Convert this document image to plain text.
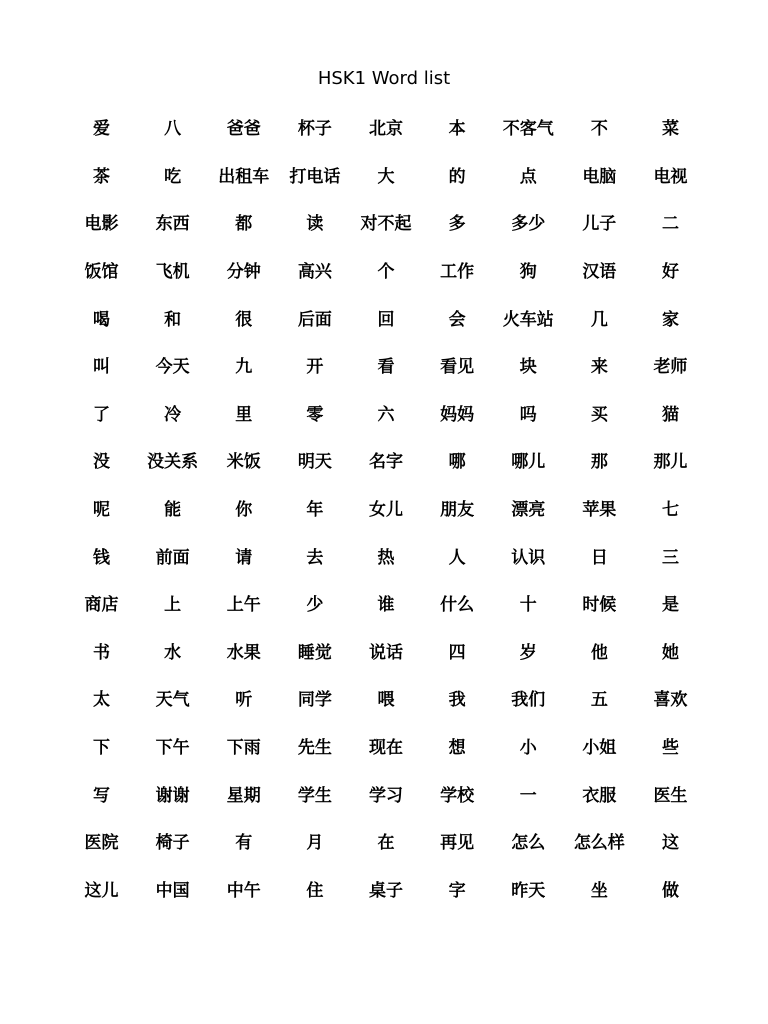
HSK1 Word list
爱	八	爸爸	杯子	北京	本	不客气	不	菜
茶	吃	出租车	打电话	大	的	点	电脑	电视
电影	东西	都	读	对不起	多	多少	儿子	二
饭馆	飞机	分钟	高兴	个	工作	狗	汉语	好
喝	和	很	后面	回	会	火车站	几	家
叫	今天	九	开	看	看见	块	来	老师
了	冷	里	零	六	妈妈	吗	买	猫
没	没关系	米饭	明天	名字	哪	哪儿	那	那儿
呢	能	你	年	女儿	朋友	漂亮	苹果	七
钱	前面	请	去	热	人	认识	日	三
商店	上	上午	少	谁	什么	十	时候	是
书	水	水果	睡觉	说话	四	岁	他	她
太	天气	听	同学	喂	我	我们	五	喜欢
下	下午	下雨	先生	现在	想	小	小姐	些
写	谢谢	星期	学生	学习	学校	一	衣服	医生
医院	椅子	有	月	在	再见	怎么	怎么样	这
这儿	中国	中午	住	桌子	字	昨天	坐	做
